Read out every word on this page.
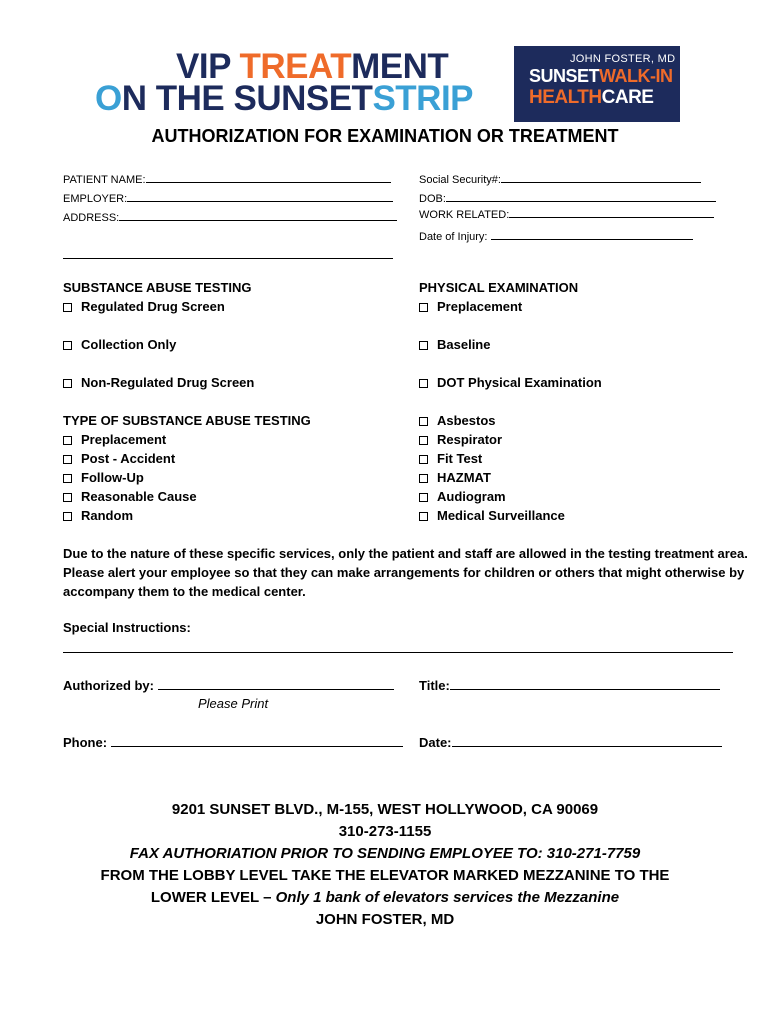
VIP TREATMENT
ON THE SUNSETSTRIP
JOHN FOSTER, MD
SUNSETWALK-IN
HEALTHCARE
AUTHORIZATION FOR EXAMINATION OR TREATMENT
PATIENT NAME:
EMPLOYER:
ADDRESS:
Social Security#:
DOB:
WORK RELATED:
Date of Injury:
SUBSTANCE ABUSE TESTING
Regulated Drug Screen
Collection Only
Non-Regulated Drug Screen
PHYSICAL EXAMINATION
Preplacement
Baseline
DOT Physical Examination
TYPE OF SUBSTANCE ABUSE TESTING
Preplacement
Post - Accident
Follow-Up
Reasonable Cause
Random
Asbestos
Respirator
Fit Test
HAZMAT
Audiogram
Medical Surveillance
Due to the nature of these specific services, only the patient and staff are allowed in the testing treatment area. Please alert your employee so that they can make arrangements for children or others that might otherwise by accompany them to the medical center.
Special Instructions:
Authorized by:
Please Print
Title:
Phone:	Date:
9201 SUNSET BLVD., M-155, WEST HOLLYWOOD, CA 90069
310-273-1155
FAX AUTHORIATION PRIOR TO SENDING EMPLOYEE TO: 310-271-7759
FROM THE LOBBY LEVEL TAKE THE ELEVATOR MARKED MEZZANINE TO THE
LOWER LEVEL – Only 1 bank of elevators services the Mezzanine
JOHN FOSTER, MD
